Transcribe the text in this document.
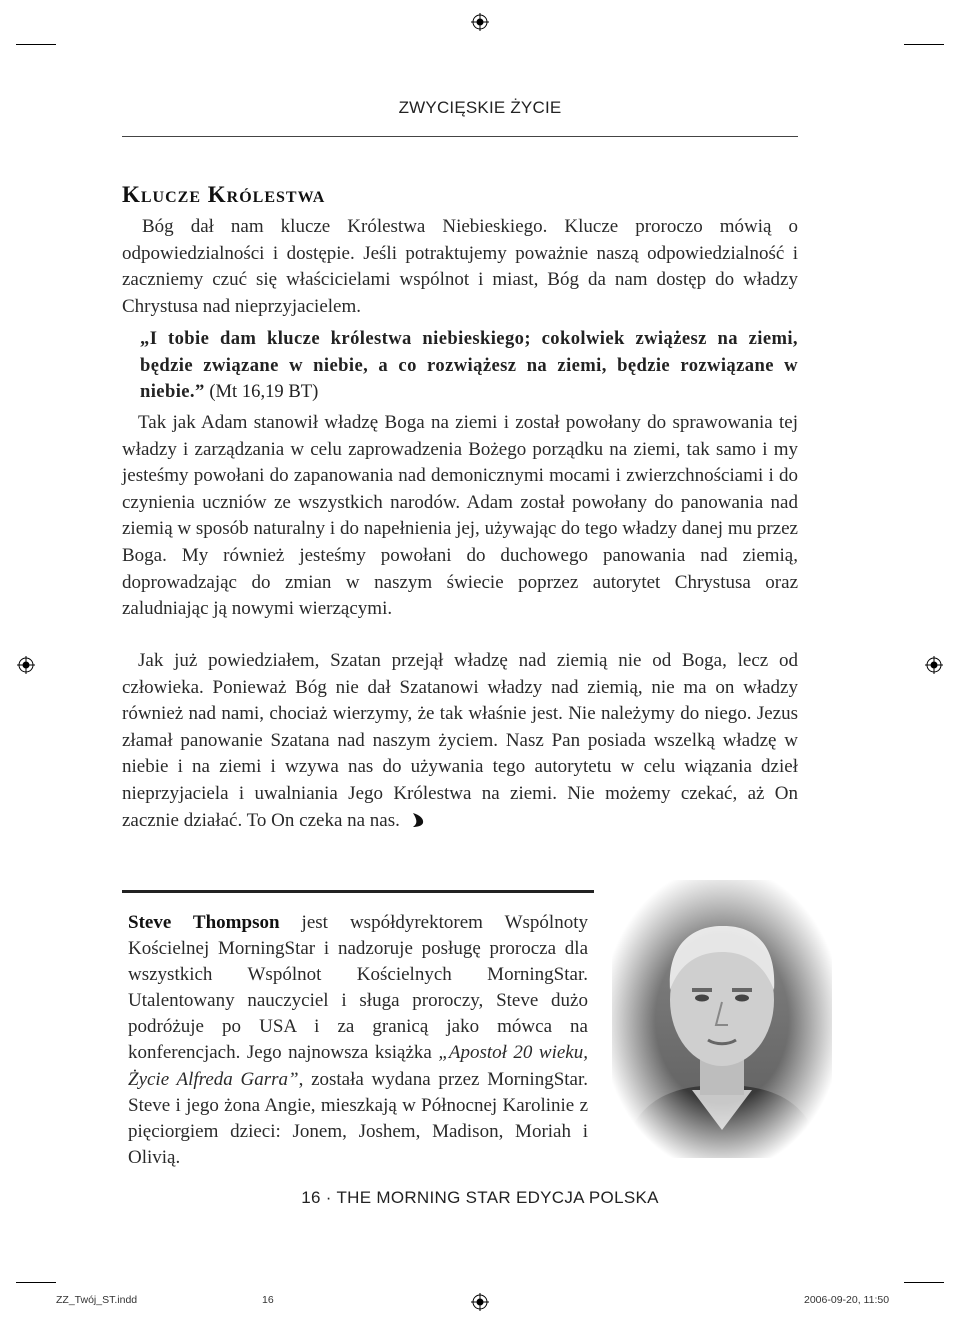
ZWYCIĘSKIE ŻYCIE
Klucze Królestwa

Bóg dał nam klucze Królestwa Niebieskiego. Klucze proroczo mówią o odpowiedzialności i dostępie. Jeśli potraktujemy poważnie naszą odpowiedzialność i zaczniemy czuć się właścicielami wspólnot i miast, Bóg da nam dostęp do władzy Chrystusa nad nieprzyjacielem.

„I tobie dam klucze królestwa niebieskiego; cokolwiek zwiążesz na ziemi, będzie związane w niebie, a co rozwiążesz na ziemi, będzie rozwiązane w niebie.” (Mt 16,19 BT)

Tak jak Adam stanowił władzę Boga na ziemi i został powołany do sprawowania tej władzy i zarządzania w celu zaprowadzenia Bożego porządku na ziemi, tak samo i my jesteśmy powołani do zapanowania nad demonicznymi mocami i zwierzchnościami i do czynienia uczniów ze wszystkich narodów. Adam został powołany do panowania nad ziemią w sposób naturalny i do napełnienia jej, używając do tego władzy danej mu przez Boga. My również jesteśmy powołani do duchowego panowania nad ziemią, doprowadzając do zmian w naszym świecie poprzez autorytet Chrystusa oraz zaludniając ją nowymi wierzącymi.

Jak już powiedziałem, Szatan przejął władzę nad ziemią nie od Boga, lecz od człowieka. Ponieważ Bóg nie dał Szatanowi władzy nad ziemią, nie ma on władzy również nad nami, chociaż wierzymy, że tak właśnie jest. Nie należymy do niego. Jezus złamał panowanie Szatana nad naszym życiem. Nasz Pan posiada wszelką władzę w niebie i na ziemi i wzywa nas do używania tego autorytetu w celu wiązania dzieł nieprzyjaciela i uwalniania Jego Królestwa na ziemi. Nie możemy czekać, aż On zacznie działać. To On czeka na nas.

Steve Thompson jest współdyrektorem Wspólnoty Kościelnej MorningStar i nadzoruje posługę prorocza dla wszystkich Wspólnot Kościelnych MorningStar. Utalentowany nauczyciel i sługa proroczy, Steve dużo podróżuje po USA i za granicą jako mówca na konferencjach. Jego najnowsza książka „Apostoł 20 wieku, Życie Alfreda Garra”, została wydana przez MorningStar. Steve i jego żona Angie, mieszkają w Północnej Karolinie z pięciorgiem dzieci: Jonem, Joshem, Madison, Moriah i Olivią.

16 · THE MORNING STAR EDYCJA POLSKA
ZZ_Twój_ST.indd	16	2006-09-20, 11:50
